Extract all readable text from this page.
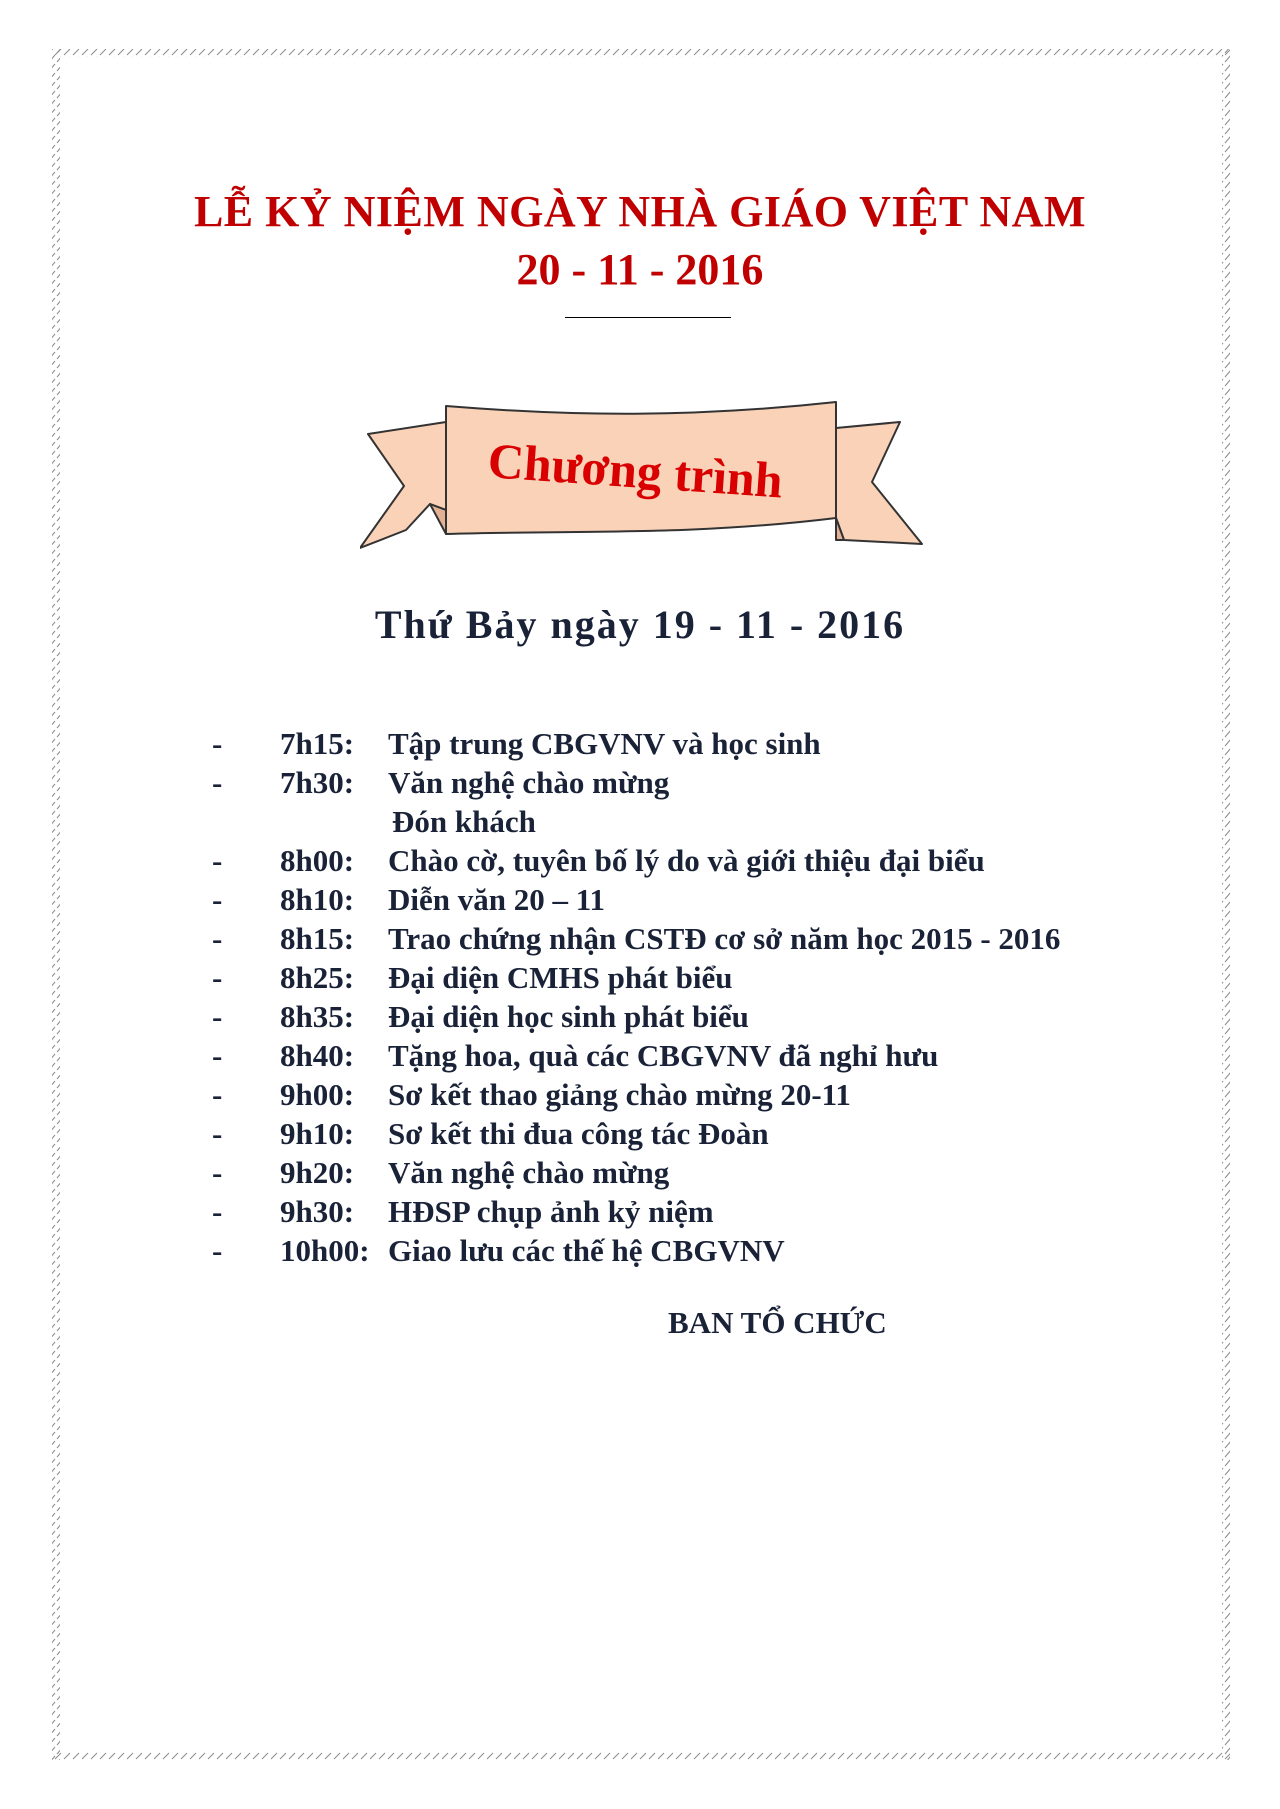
LỄ KỶ NIỆM NGÀY NHÀ GIÁO VIỆT NAM
20 - 11 - 2016
Chương trình
Thứ Bảy ngày 19 - 11 - 2016
- 7h15: Tập trung CBGVNV và học sinh
- 7h30: Văn nghệ chào mừng
Đón khách
- 8h00: Chào cờ, tuyên bố lý do và giới thiệu đại biểu
- 8h10: Diễn văn 20 – 11
- 8h15: Trao chứng nhận CSTĐ cơ sở năm học 2015 - 2016
- 8h25: Đại diện CMHS phát biểu
- 8h35: Đại diện học sinh phát biểu
- 8h40: Tặng hoa, quà các CBGVNV đã nghỉ hưu
- 9h00: Sơ kết thao giảng chào mừng 20-11
- 9h10: Sơ kết thi đua công tác Đoàn
- 9h20: Văn nghệ chào mừng
- 9h30: HĐSP chụp ảnh kỷ niệm
- 10h00: Giao lưu các thế hệ CBGVNV
BAN TỔ CHỨC
